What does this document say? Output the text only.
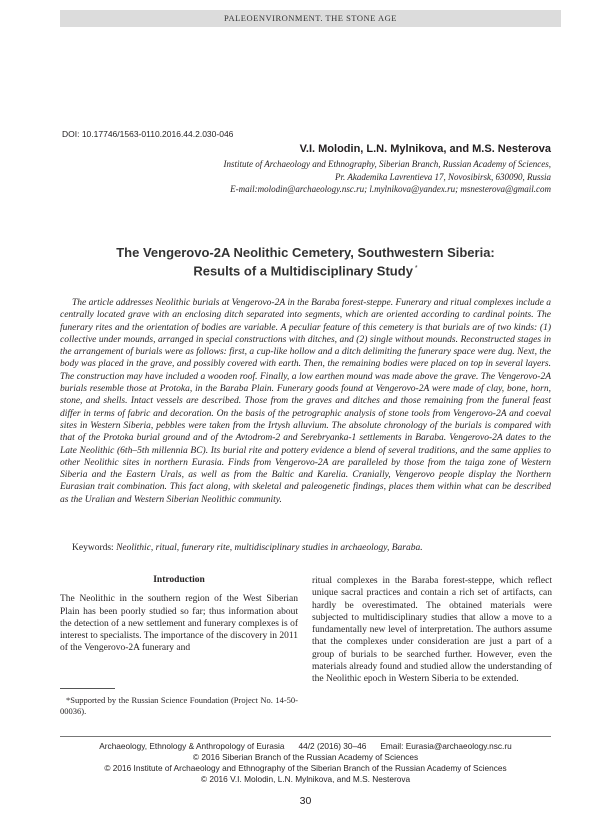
PALEOENVIRONMENT. THE STONE AGE
DOI: 10.17746/1563-0110.2016.44.2.030-046
V.I. Molodin, L.N. Mylnikova, and M.S. Nesterova
Institute of Archaeology and Ethnography, Siberian Branch, Russian Academy of Sciences,
Pr. Akademika Lavrentieva 17, Novosibirsk, 630090, Russia
E-mail:molodin@archaeology.nsc.ru; l.mylnikova@yandex.ru; msnesterova@gmail.com
The Vengerovo-2A Neolithic Cemetery, Southwestern Siberia:
Results of a Multidisciplinary Study *

The article addresses Neolithic burials at Vengerovo-2A in the Baraba forest-steppe. Funerary and ritual complexes include a centrally located grave with an enclosing ditch separated into segments, which are oriented according to cardinal points. The funerary rites and the orientation of bodies are variable. A peculiar feature of this cemetery is that burials are of two kinds: (1) collective under mounds, arranged in special constructions with ditches, and (2) single without mounds. Reconstructed stages in the arrangement of burials were as follows: first, a cup-like hollow and a ditch delimiting the funerary space were dug. Next, the body was placed in the grave, and possibly covered with earth. Then, the remaining bodies were placed on top in several layers. The construction may have included a wooden roof. Finally, a low earthen mound was made above the grave. The Vengerovo-2A burials resemble those at Protoka, in the Baraba Plain. Funerary goods found at Vengerovo-2A were made of clay, bone, horn, stone, and shells. Intact vessels are described. Those from the graves and ditches and those remaining from the funeral feast differ in terms of fabric and decoration. On the basis of the petrographic analysis of stone tools from Vengerovo-2A and coeval sites in Western Siberia, pebbles were taken from the Irtysh alluvium. The absolute chronology of the burials is compared with that of the Protoka burial ground and of the Avtodrom-2 and Serebryanka-1 settlements in Baraba. Vengerovo-2A dates to the Late Neolithic (6th–5th millennia BC). Its burial rite and pottery evidence a blend of several traditions, and the same applies to other Neolithic sites in northern Eurasia. Finds from Vengerovo-2A are paralleled by those from the taiga zone of Western Siberia and the Eastern Urals, as well as from the Baltic and Karelia. Cranially, Vengerovo people display the Northern Eurasian trait combination. This fact along, with skeletal and paleogenetic findings, places them within what can be described as the Uralian and Western Siberian Neolithic community.

Keywords: Neolithic, ritual, funerary rite, multidisciplinary studies in archaeology, Baraba.
Introduction

The Neolithic in the southern region of the West Siberian Plain has been poorly studied so far; thus information about the detection of a new settlement and funerary complexes is of interest to specialists. The importance of the discovery in 2011 of the Vengerovo-2A funerary and

ritual complexes in the Baraba forest-steppe, which reflect unique sacral practices and contain a rich set of artifacts, can hardly be overestimated. The obtained materials were subjected to multidisciplinary studies that allow a move to a fundamentally new level of interpretation. The authors assume that the complexes under consideration are just a part of a group of burials to be searched further. However, even the materials already found and studied allow the understanding of the Neolithic epoch in Western Siberia to be extended.

*Supported by the Russian Science Foundation (Project No. 14-50-00036).
Archaeology, Ethnology & Anthropology of Eurasia 44/2 (2016) 30–46 Email: Eurasia@archaeology.nsc.ru
© 2016 Siberian Branch of the Russian Academy of Sciences
© 2016 Institute of Archaeology and Ethnography of the Siberian Branch of the Russian Academy of Sciences
© 2016 V.I. Molodin, L.N. Mylnikova, and M.S. Nesterova
30
